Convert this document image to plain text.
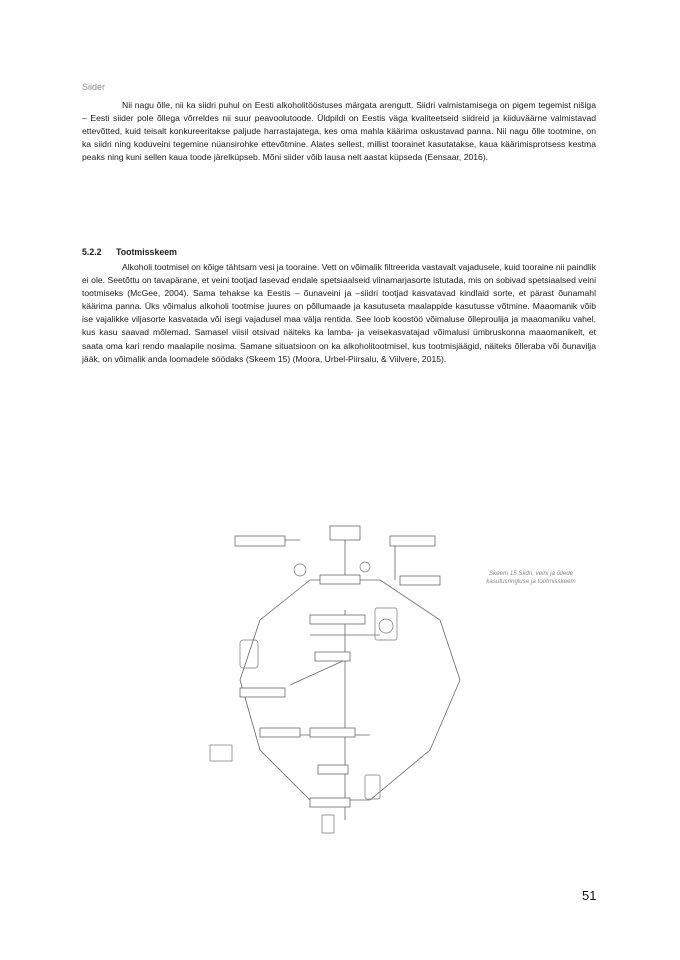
Siider

Nii nagu õlle, nii ka siidri puhul on Eesti alkoholitööstuses märgata arengutt. Siidri valmistamisega on pigem tegemist nišiga – Eesti siider pole õllega võrreldes nii suur peavoolutoode. Üldpildi on Eestis väga kvaliteetseid siidreid ja kiiduväärne valmistavad ettevõtted, kuid teisalt konkureeritakse paljude harrastajatega, kes oma mahla käärima oskustavad panna. Nii nagu õlle tootmine, on ka siidri ning koduveini tegemine nüansirohke ettevõtmine. Alates sellest, millist toorainet kasutatakse, kaua käärimisprotsess kestma peaks ning kuni sellen kaua toode järelküpseb. Mõni siider võib lausa nelt aastat küpseda (Eensaar, 2016).

5.2.2 Tootmisskeem

Alkoholi tootmisel on kõige tähtsam vesi ja tooraine. Vett on võimalik filtreerida vastavalt vajadusele, kuid tooraine nii paindlik ei ole. Seetõttu on tavapärane, et veini tootjad lasevad endale spetsiaalseid viinamarjasorte istutada, mis on sobivad spetsiaalsed veini tootmiseks (McGee, 2004). Sama tehakse ka Eestis – õunaveini ja –siidri tootjad kasvatavad kindlaid sorte, et pärast õunamahl käärima panna. Üks võimalus alkoholi tootmise juures on põllumaade ja kasutuseta maalappide kasutusse võtmine. Maaomanik võib ise vajalikke viljasorte kasvatada või isegi vajadusel maa välja rentida. See loob koostöö võimaluse õlleproulija ja maaomaniku vahel, kus kasu saavad mõlemad. Samasel viisil otsivad näiteks ka lamba- ja veisekasvatajad võimalusi ümbruskonna maaomanikelt, et saata oma kari rendo maalapile nosima. Samane situatsioon on ka alkoholitootmisel, kus tootmisjäägid, näiteks õlleraba või õunavilja jääk, on võimalik anda loomadele söödaks (Skeem 15) (Moora, Urbel-Piirsalu, & Viilvere, 2015).

Skeem 15 Siidri, veini ja õllede kasutusringluse ja tootmisskeem
51
